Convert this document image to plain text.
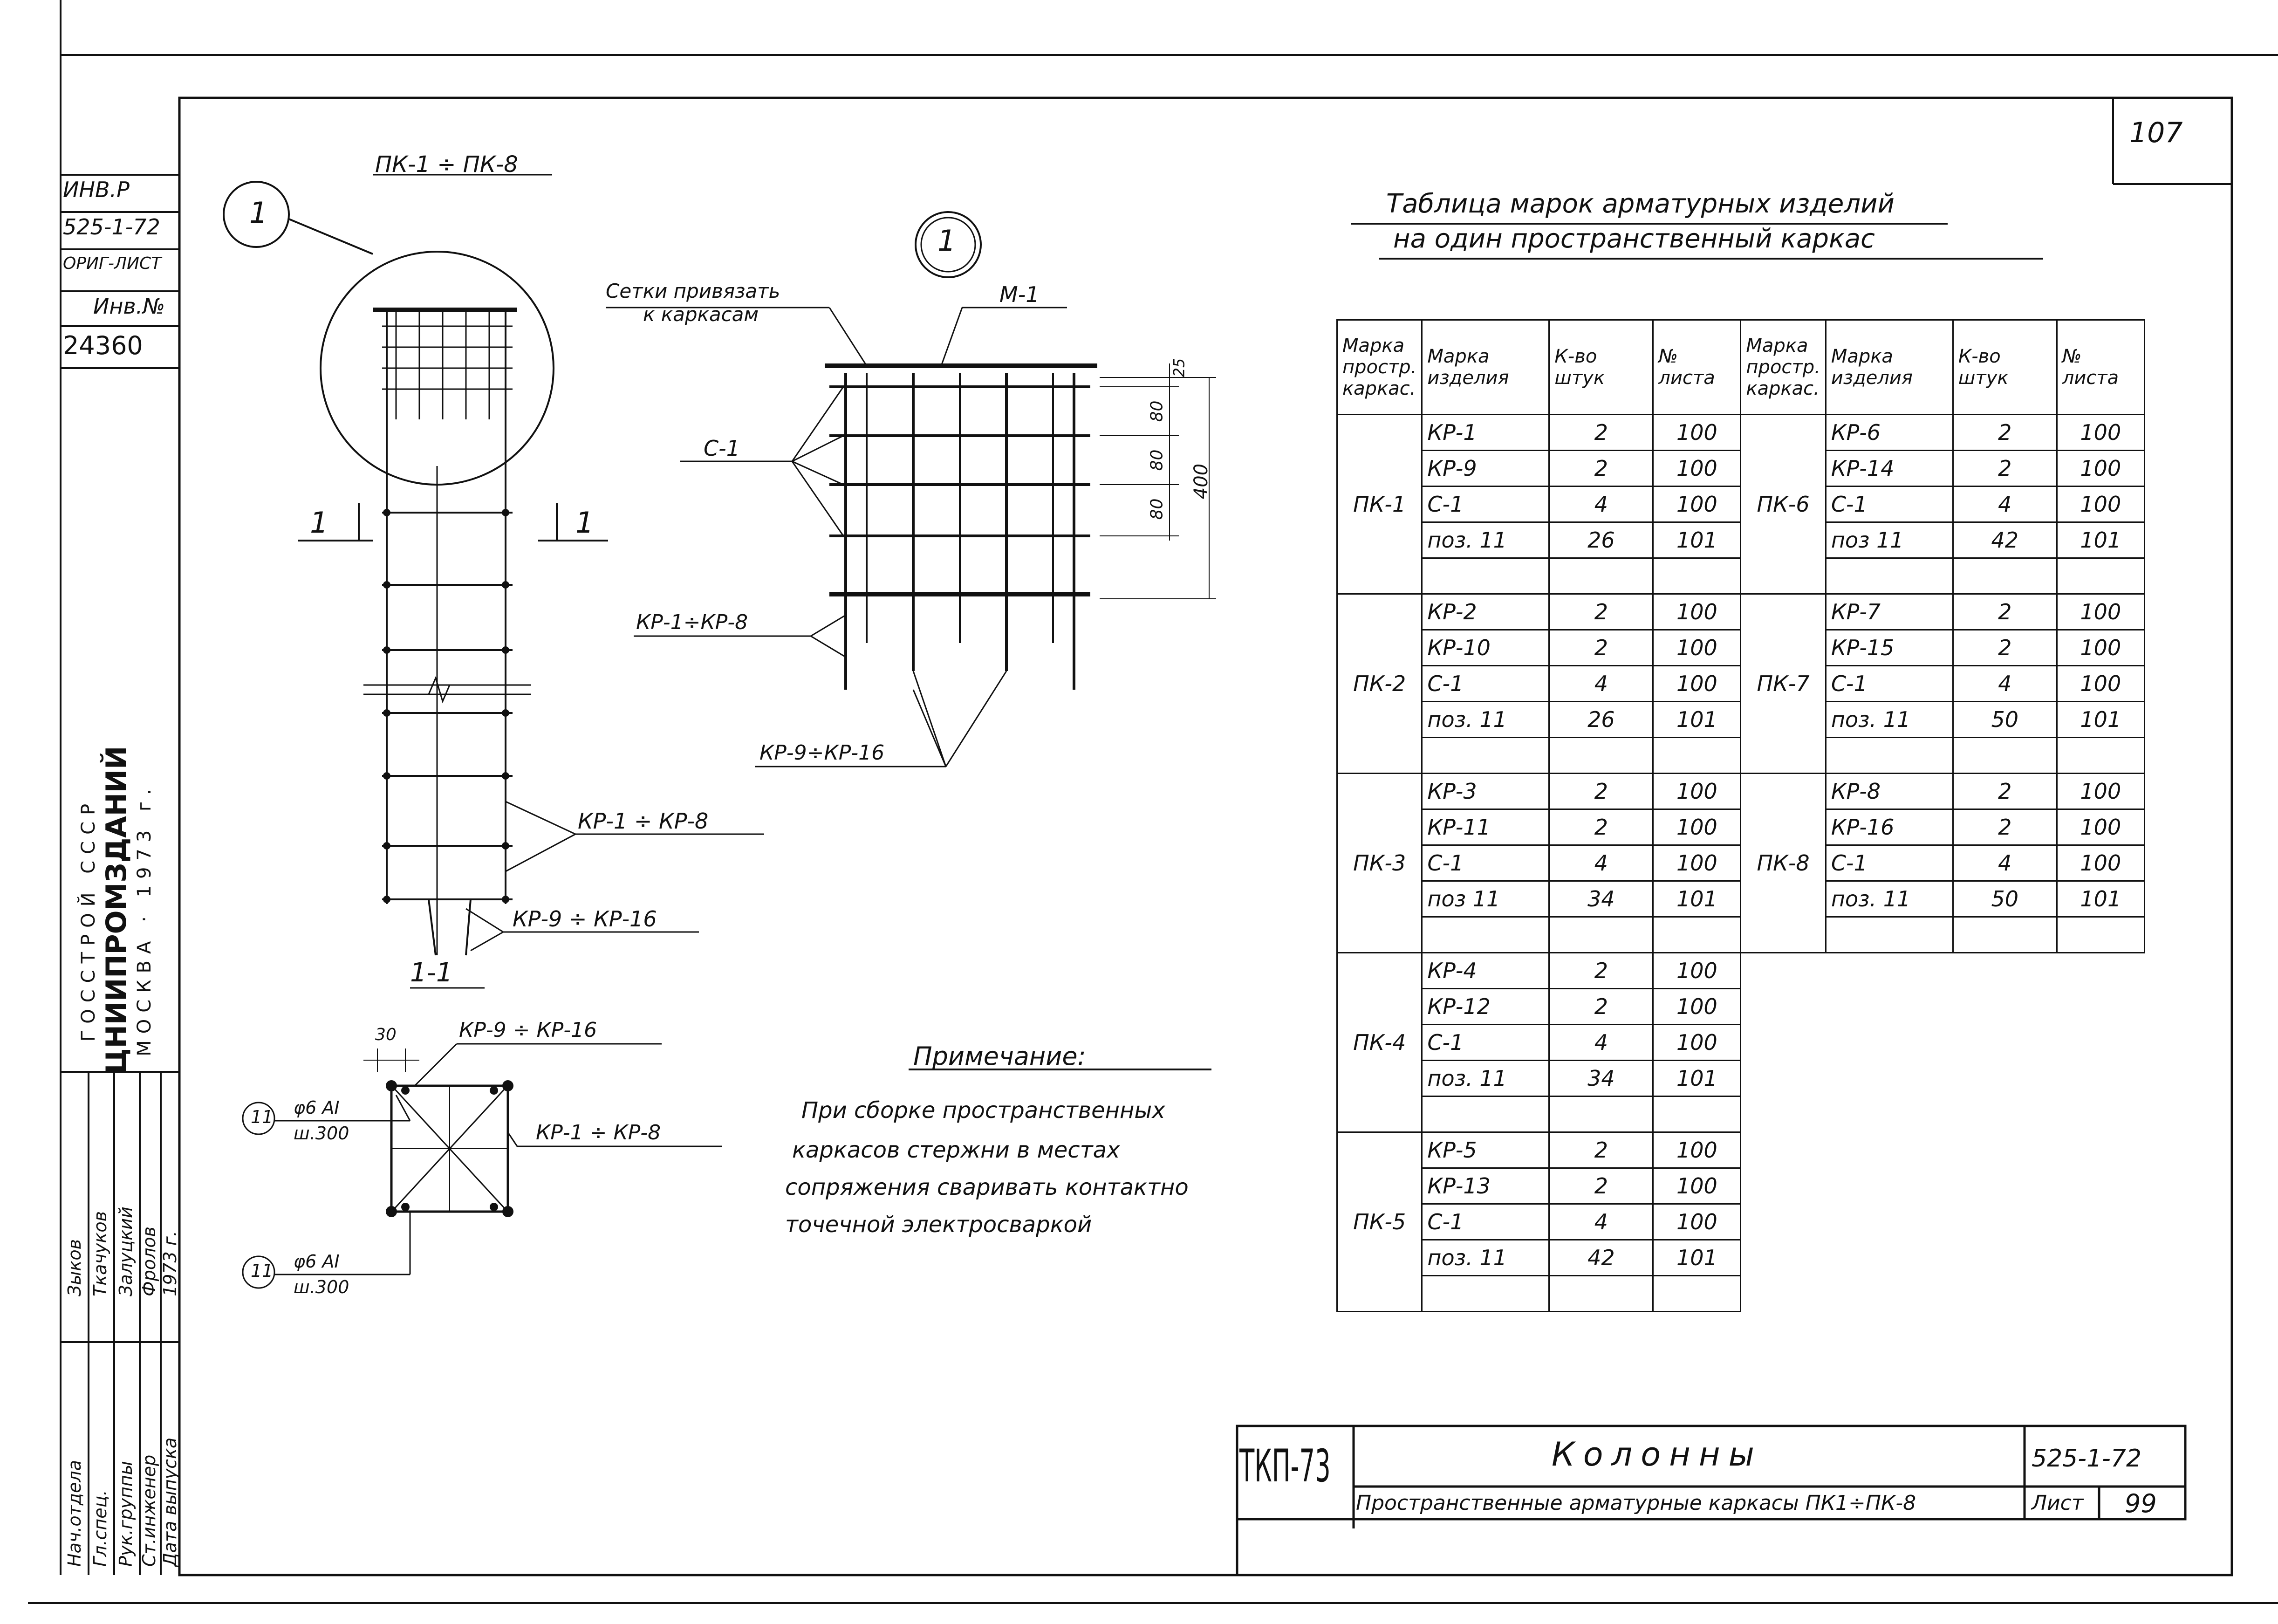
ИНВ.Р
525-1-72
ОРИГ-ЛИСТ
Инв.№
24360
ГОССТРОЙ СССР ЦНИИПРОМЗДАНИЙ МОСКВА · 1973 г.
Нач.отдела Гл.спец. Рук.группы Ст.инженер Дата выпуска
Зыков Ткачуков Залуцкий Фролов 1973 г.
107
ПК-1 ÷ ПК-8
1
1	1
КР-1 ÷ КР-8
КР-9 ÷ КР-16
1
Сетки привязать
к каркасам
М-1
С-1
КР-1÷КР-8
КР-9÷КР-16
25
80
80
80
400
1-1
30	КР-9 ÷ КР-16
КР-1 ÷ КР-8
11 φ6 АI
ш.300
11 φ6 АI
ш.300
Примечание:
При сборке пространственных
каркасов стержни в местах
сопряжения сваривать контактно
точечной электросваркой
Таблица марок арматурных изделий
на один пространственный каркас
Марка простр. каркас.	Марка изделия	К-во штук	№ листа	Марка простр. каркас.	Марка изделия	К-во штук	№ листа
ПК-1	КР-1	2	100	ПК-6	КР-6	2	100
	КР-9	2	100		КР-14	2	100
	С-1	4	100		С-1	4	100
	поз. 11	26	101		поз 11	42	101

ПК-2	КР-2	2	100	ПК-7	КР-7	2	100
	КР-10	2	100		КР-15	2	100
	С-1	4	100		С-1	4	100
	поз. 11	26	101		поз. 11	50	101

ПК-3	КР-3	2	100	ПК-8	КР-8	2	100
	КР-11	2	100		КР-16	2	100
	С-1	4	100		С-1	4	100
	поз 11	34	101		поз. 11	50	101

ПК-4	КР-4	2	100				
	КР-12	2	100				
	С-1	4	100				
	поз. 11	34	101				

ПК-5	КР-5	2	100				
	КР-13	2	100				
	С-1	4	100				
	поз. 11	42	101				

ТКП-73	Колонны
Пространственные арматурные каркасы ПК1÷ПК-8
525-1-72
Лист 99
